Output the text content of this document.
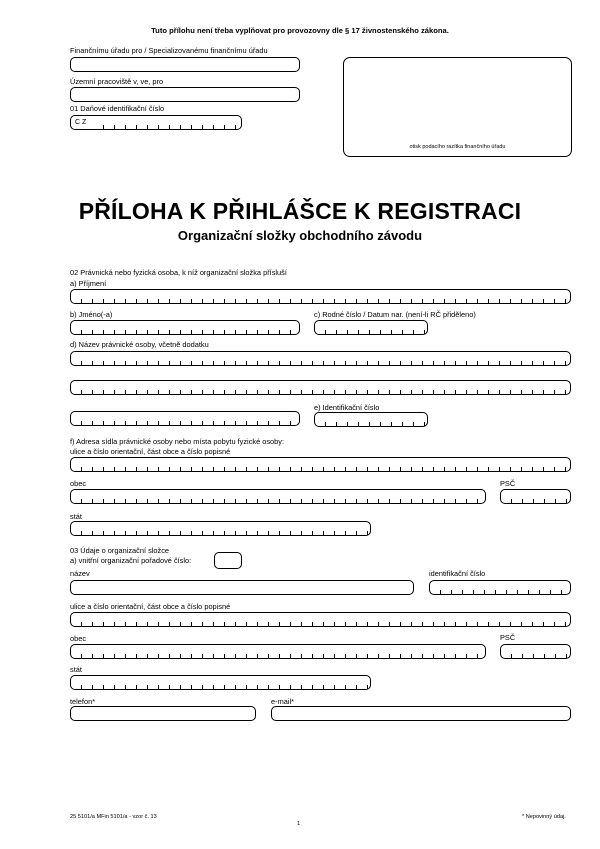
Tuto přílohu není třeba vyplňovat pro provozovny dle § 17 živnostenského zákona.
Finančnímu úřadu pro / Specializovanému finančnímu úřadu
Územní pracoviště v, ve, pro
01 Daňové identifikační číslo
C Z
otisk podacího razítka finančního úřadu
PŘÍLOHA K PŘIHLÁŠCE K REGISTRACI
Organizační složky obchodního závodu
02 Právnická nebo fyzická osoba, k níž organizační složka přísluší
a) Příjmení
b) Jméno(-a)	c) Rodné číslo / Datum nar. (není-li RČ přiděleno)
d) Název právnické osoby, včetně dodatku
e) Identifikační číslo
f) Adresa sídla právnické osoby nebo místa pobytu fyzické osoby:
ulice a číslo orientační, část obce a číslo popisné
obec	PSČ
stát
03 Údaje o organizační složce
a) vnitřní organizační pořadové číslo:
název	identifikační číslo
ulice a číslo orientační, část obce a číslo popisné
obec	PSČ
stát
telefon*	e-mail*
25 5101/a MFin 5101/a - vzor č. 13
1
* Nepovinný údaj.
